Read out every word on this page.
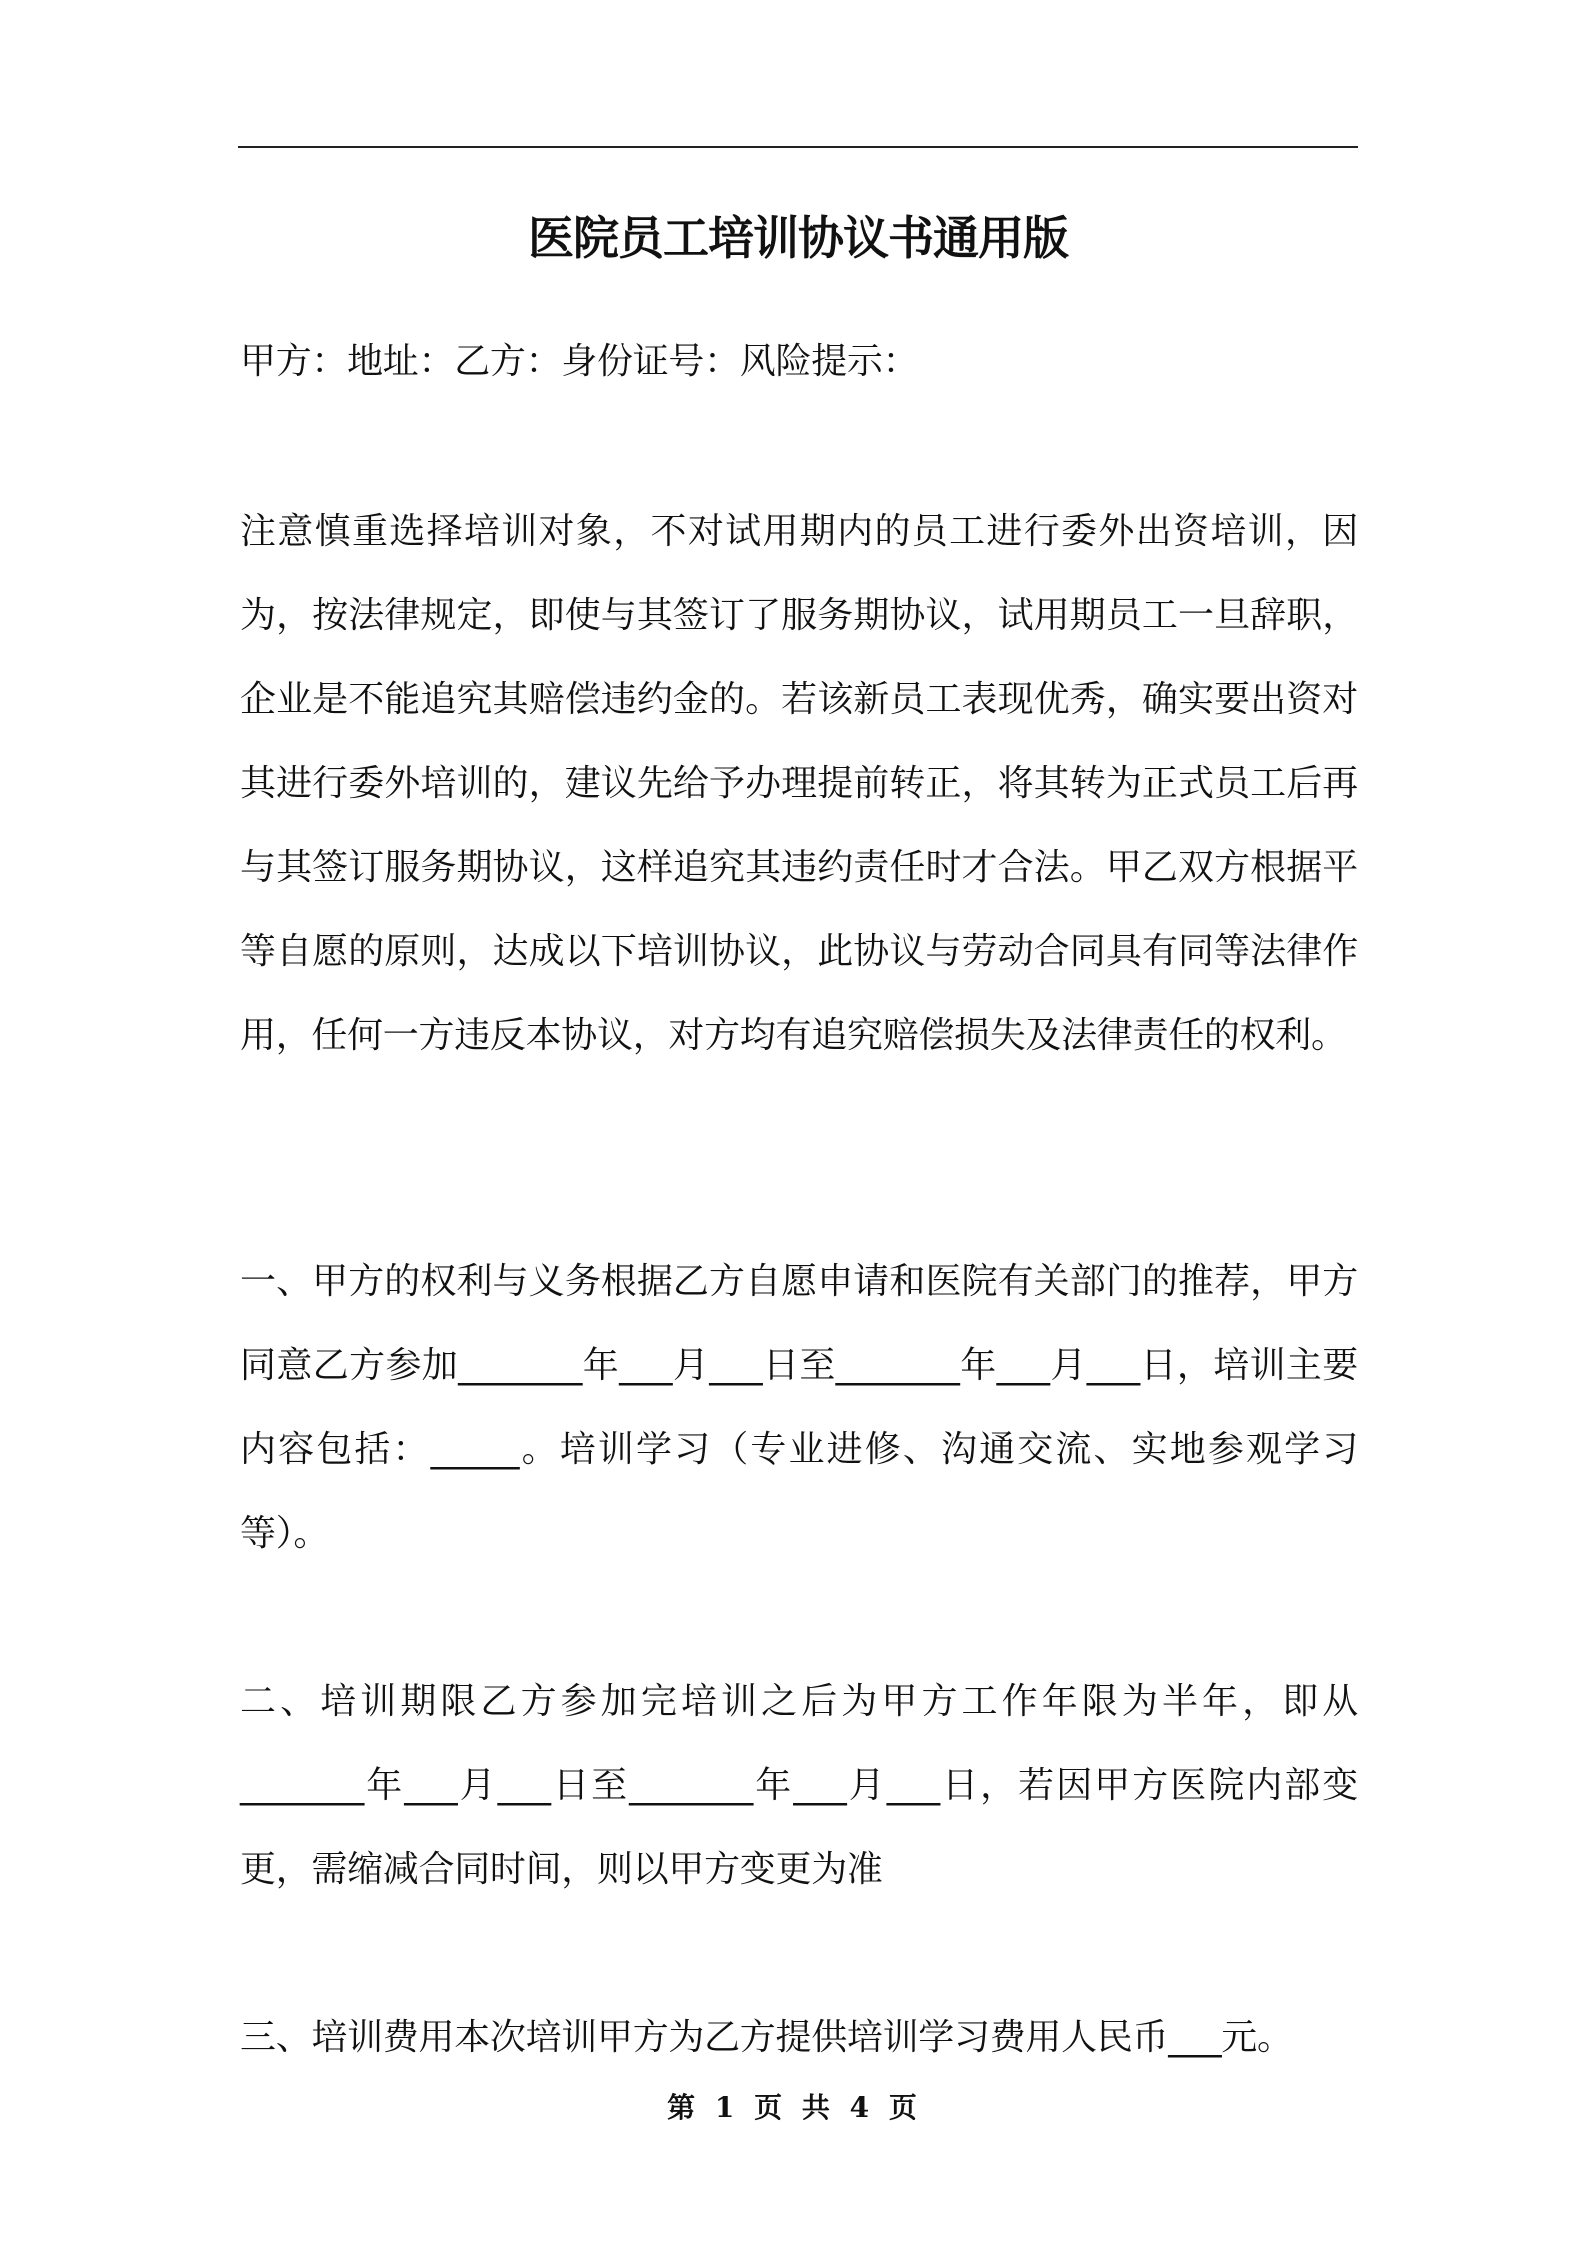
医院员工培训协议书通用版

甲方：地址：乙方：身份证号：风险提示：

注意慎重选择培训对象，不对试用期内的员工进行委外出资培训，因为，按法律规定，即使与其签订了服务期协议，试用期员工一旦辞职，企业是不能追究其赔偿违约金的。若该新员工表现优秀，确实要出资对其进行委外培训的，建议先给予办理提前转正，将其转为正式员工后再与其签订服务期协议，这样追究其违约责任时才合法。甲乙双方根据平等自愿的原则，达成以下培训协议，此协议与劳动合同具有同等法律作用，任何一方违反本协议，对方均有追究赔偿损失及法律责任的权利。

一、甲方的权利与义务根据乙方自愿申请和医院有关部门的推荐，甲方同意乙方参加_______年___月___日至_______年___月___日，培训主要内容包括：_____。培训学习（专业进修、沟通交流、实地参观学习等）。

二、培训期限乙方参加完培训之后为甲方工作年限为半年，即从_______年___月___日至_______年___月___日，若因甲方医院内部变更，需缩减合同时间，则以甲方变更为准

三、培训费用本次培训甲方为乙方提供培训学习费用人民币___元。

第 1 页 共 4 页
